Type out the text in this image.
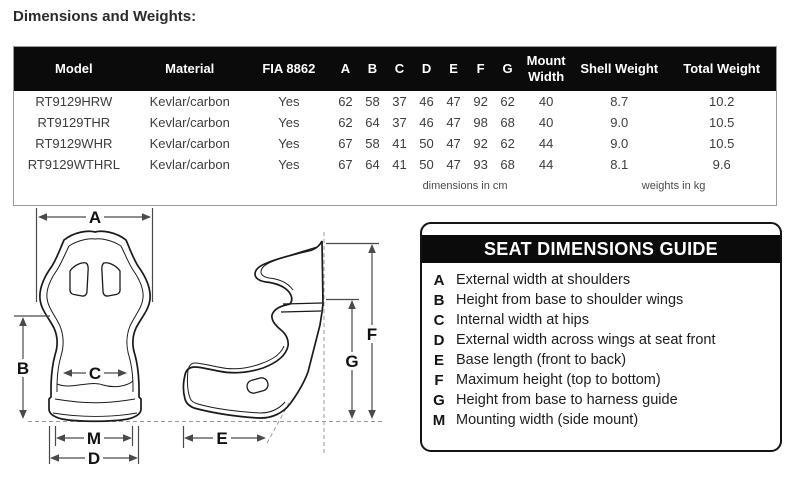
Dimensions and Weights:
Model	Material	FIA 8862	A	B	C	D	E	F	G	Mount Width	Shell Weight	Total Weight
RT9129HRW	Kevlar/carbon	Yes	62	58	37	46	47	92	62	40	8.7	10.2
RT9129THR	Kevlar/carbon	Yes	62	64	37	46	47	98	68	40	9.0	10.5
RT9129WHR	Kevlar/carbon	Yes	67	58	41	50	47	92	62	44	9.0	10.5
RT9129WTHRL	Kevlar/carbon	Yes	67	64	41	50	47	93	68	44	8.1	9.6
				dimensions in cm							weights in kg	
A
B	C
M
D
E
F
G
SEAT DIMENSIONS GUIDE
A External width at shoulders
B Height from base to shoulder wings
C Internal width at hips
D External width across wings at seat front
E Base length (front to back)
F Maximum height (top to bottom)
G Height from base to harness guide
M Mounting width (side mount)
